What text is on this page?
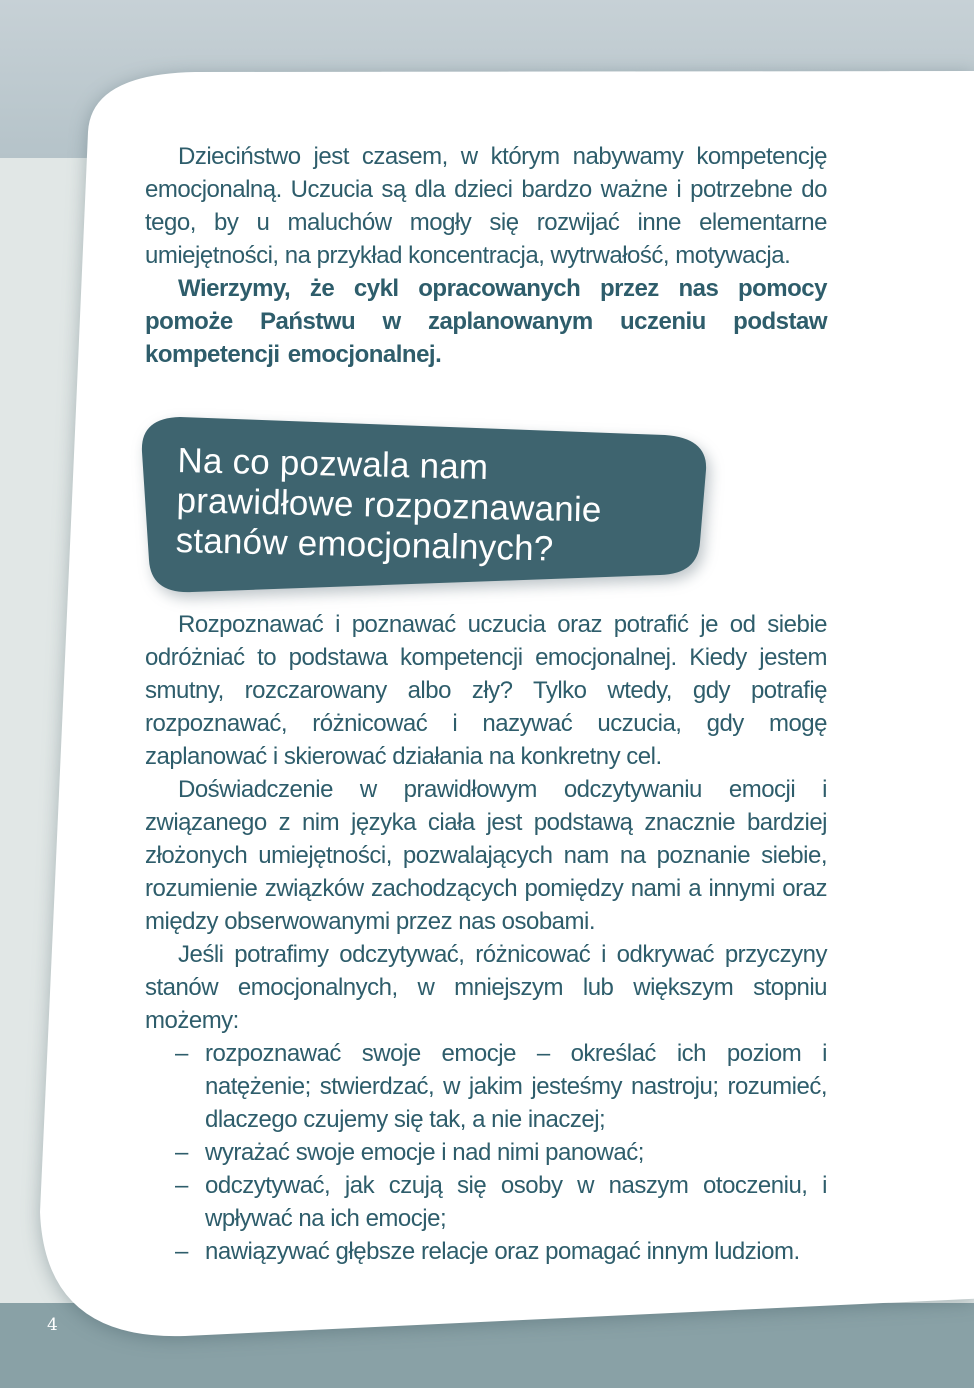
Dzieciństwo jest czasem, w którym nabywamy kompetencję emocjonalną. Uczucia są dla dzieci bardzo ważne i potrzebne do tego, by u maluchów mogły się rozwijać inne elementarne umiejętności, na przykład koncentracja, wytrwałość, motywacja.

Wierzymy, że cykl opracowanych przez nas pomocy pomoże Państwu w zaplanowanym uczeniu podstaw kompetencji emocjonalnej.

Na co pozwala nam
prawidłowe rozpoznawanie
stanów emocjonalnych?

Rozpoznawać i poznawać uczucia oraz potrafić je od siebie odróżniać to podstawa kompetencji emocjonalnej. Kiedy jestem smutny, rozczarowany albo zły? Tylko wtedy, gdy potrafię rozpoznawać, różnicować i nazywać uczucia, gdy mogę zaplanować i skierować działania na konkretny cel.

Doświadczenie w prawidłowym odczytywaniu emocji i związanego z nim języka ciała jest podstawą znacznie bardziej złożonych umiejętności, pozwalających nam na poznanie siebie, rozumienie związków zachodzących pomiędzy nami a innymi oraz między obserwowanymi przez nas osobami.

Jeśli potrafimy odczytywać, różnicować i odkrywać przyczyny stanów emocjonalnych, w mniejszym lub większym stopniu możemy:

– rozpoznawać swoje emocje – określać ich poziom i natężenie; stwierdzać, w jakim jesteśmy nastroju; rozumieć, dlaczego czujemy się tak, a nie inaczej;
– wyrażać swoje emocje i nad nimi panować;
– odczytywać, jak czują się osoby w naszym otoczeniu, i wpływać na ich emocje;
– nawiązywać głębsze relacje oraz pomagać innym ludziom.
4
